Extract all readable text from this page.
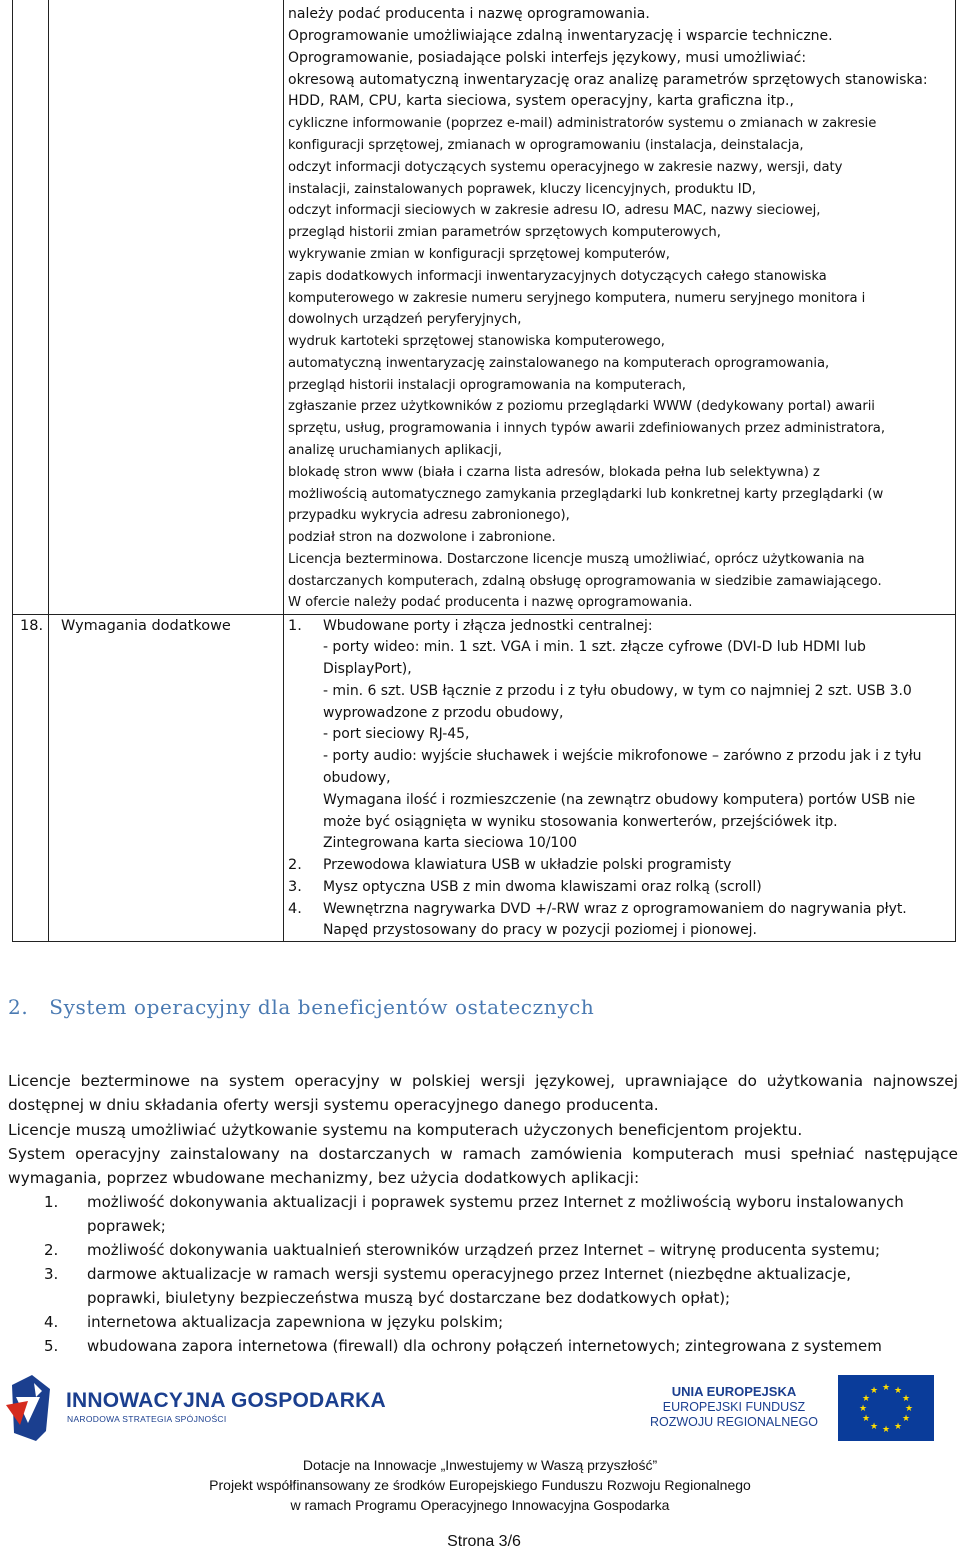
należy podać producenta i nazwę oprogramowania.
Oprogramowanie umożliwiające zdalną inwentaryzację i wsparcie techniczne.
Oprogramowanie, posiadające polski interfejs językowy, musi umożliwiać:
okresową automatyczną inwentaryzację oraz analizę parametrów sprzętowych stanowiska:
HDD, RAM, CPU, karta sieciowa, system operacyjny, karta graficzna itp.,
cykliczne informowanie (poprzez e-mail) administratorów systemu o zmianach w zakresie
konfiguracji sprzętowej, zmianach w oprogramowaniu (instalacja, deinstalacja,
odczyt informacji dotyczących systemu operacyjnego w zakresie nazwy, wersji, daty
instalacji, zainstalowanych poprawek, kluczy licencyjnych, produktu ID,
odczyt informacji sieciowych w zakresie adresu IO, adresu MAC, nazwy sieciowej,
przegląd historii zmian parametrów sprzętowych komputerowych,
wykrywanie zmian w konfiguracji sprzętowej komputerów,
zapis dodatkowych informacji inwentaryzacyjnych dotyczących całego stanowiska
komputerowego w zakresie numeru seryjnego komputera, numeru seryjnego monitora i
dowolnych urządzeń peryferyjnych,
wydruk kartoteki sprzętowej stanowiska komputerowego,
automatyczną inwentaryzację zainstalowanego na komputerach oprogramowania,
przegląd historii instalacji oprogramowania na komputerach,
zgłaszanie przez użytkowników z poziomu przeglądarki WWW (dedykowany portal) awarii
sprzętu, usług, programowania i innych typów awarii zdefiniowanych przez administratora,
analizę uruchamianych aplikacji,
blokadę stron www (biała i czarna lista adresów, blokada pełna lub selektywna) z
możliwością automatycznego zamykania przeglądarki lub konkretnej karty przeglądarki (w
przypadku wykrycia adresu zabronionego),
podział stron na dozwolone i zabronione.
Licencja bezterminowa. Dostarczone licencje muszą umożliwiać, oprócz użytkowania na
dostarczanych komputerach, zdalną obsługę oprogramowania w siedzibie zamawiającego.
W ofercie należy podać producenta i nazwę oprogramowania.
18. Wymagania dodatkowe	1. Wbudowane porty i złącza jednostki centralnej:
- porty wideo: min. 1 szt. VGA i min. 1 szt. złącze cyfrowe (DVI-D lub HDMI lub
DisplayPort),
- min. 6 szt. USB łącznie z przodu i z tyłu obudowy, w tym co najmniej 2 szt. USB 3.0
wyprowadzone z przodu obudowy,
- port sieciowy RJ-45,
- porty audio: wyjście słuchawek i wejście mikrofonowe – zarówno z przodu jak i z tyłu
obudowy,
Wymagana ilość i rozmieszczenie (na zewnątrz obudowy komputera) portów USB nie
może być osiągnięta w wyniku stosowania konwerterów, przejściówek itp.
Zintegrowana karta sieciowa 10/100
2. Przewodowa klawiatura USB w układzie polski programisty
3. Mysz optyczna USB z min dwoma klawiszami oraz rolką (scroll)
4. Wewnętrzna nagrywarka DVD +/-RW wraz z oprogramowaniem do nagrywania płyt.
Napęd przystosowany do pracy w pozycji poziomej i pionowej.
2. System operacyjny dla beneficjentów ostatecznych
Licencje bezterminowe na system operacyjny w polskiej wersji językowej, uprawniające do użytkowania najnowszej dostępnej w dniu składania oferty wersji systemu operacyjnego danego producenta.
Licencje muszą umożliwiać użytkowanie systemu na komputerach użyczonych beneficjentom projektu.
System operacyjny zainstalowany na dostarczanych w ramach zamówienia komputerach musi spełniać następujące wymagania, poprzez wbudowane mechanizmy, bez użycia dodatkowych aplikacji:
1.	możliwość dokonywania aktualizacji i poprawek systemu przez Internet z możliwością wyboru instalowanych
poprawek;
2.	możliwość dokonywania uaktualnień sterowników urządzeń przez Internet – witrynę producenta systemu;
3.	darmowe aktualizacje w ramach wersji systemu operacyjnego przez Internet (niezbędne aktualizacje,
poprawki, biuletyny bezpieczeństwa muszą być dostarczane bez dodatkowych opłat);
4.	internetowa aktualizacja zapewniona w języku polskim;
5.	wbudowana zapora internetowa (firewall) dla ochrony połączeń internetowych; zintegrowana z systemem
INNOWACYJNA GOSPODARKA
NARODOWA STRATEGIA SPÓJNOŚCI
UNIA EUROPEJSKA
EUROPEJSKI FUNDUSZ
ROZWOJU REGIONALNEGO
★ ★
★
★
★
★
★
★
★
★
★
★
Dotacje na Innowacje „Inwestujemy w Waszą przyszłość”
Projekt współfinansowany ze środków Europejskiego Funduszu Rozwoju Regionalnego
w ramach Programu Operacyjnego Innowacyjna Gospodarka
Strona 3/6
